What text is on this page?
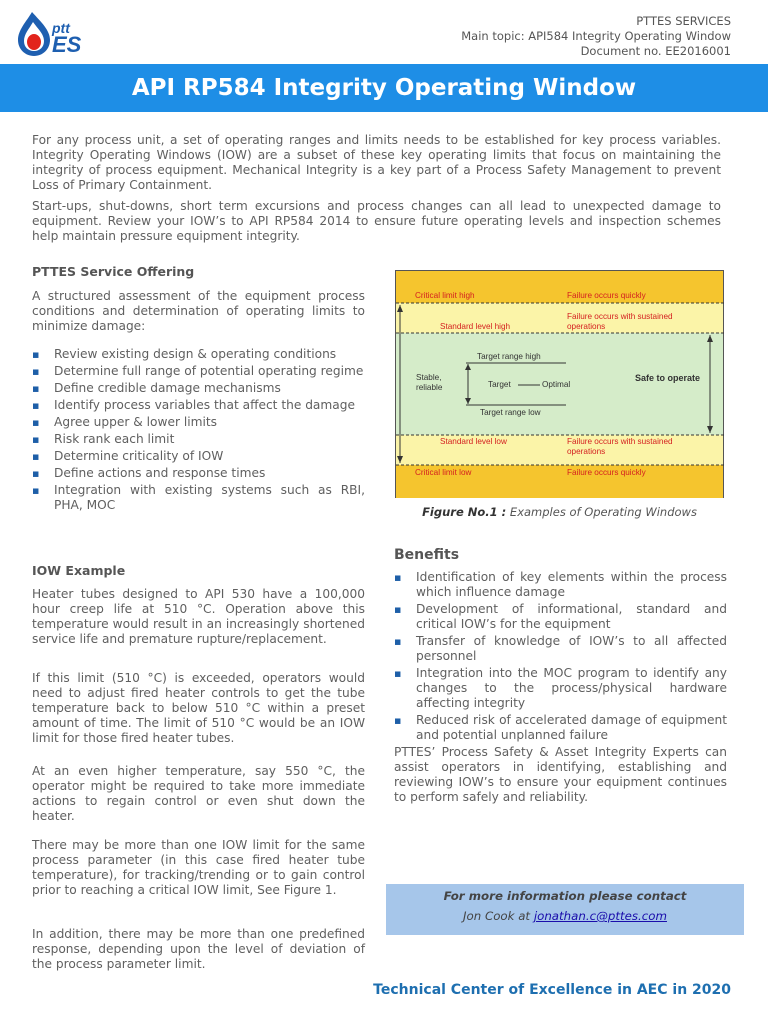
ptt
ES
PTTES SERVICES
Main topic: API584 Integrity Operating Window
Document no. EE2016001
API RP584 Integrity Operating Window

For any process unit, a set of operating ranges and limits needs to be established for key process variables. Integrity Operating Windows (IOW) are a subset of these key operating limits that focus on maintaining the integrity of process equipment. Mechanical Integrity is a key part of a Process Safety Management to prevent Loss of Primary Containment.

Start-ups, shut-downs, short term excursions and process changes can all lead to unexpected damage to equipment. Review your IOW’s to API RP584 2014 to ensure future operating levels and inspection schemes help maintain pressure equipment integrity.

PTTES Service Offering

A structured assessment of the equipment process conditions and determination of operating limits to minimize damage:

▪ Review existing design & operating conditions
▪ Determine full range of potential operating regime
▪ Define credible damage mechanisms
▪ Identify process variables that affect the damage
▪ Agree upper & lower limits
▪ Risk rank each limit
▪ Determine criticality of IOW
▪ Define actions and response times
▪ Integration with existing systems such as RBI, PHA, MOC
IOW Example

Heater tubes designed to API 530 have a 100,000 hour creep life at 510 °C. Operation above this temperature would result in an increasingly shortened service life and premature rupture/replacement.

If this limit (510 °C) is exceeded, operators would need to adjust fired heater controls to get the tube temperature back to below 510 °C within a preset amount of time. The limit of 510 °C would be an IOW limit for those fired heater tubes.

At an even higher temperature, say 550 °C, the operator might be required to take more immediate actions to regain control or even shut down the heater.

There may be more than one IOW limit for the same process parameter (in this case fired heater tube temperature), for tracking/trending or to gain control prior to reaching a critical IOW limit, See Figure 1.

In addition, there may be more than one predefined response, depending upon the level of deviation of the process parameter limit.

Critical limit high	Failure occurs quickly
Standard level high
Failure occurs with sustained operations
Target range high
Stable, reliable	Target	Optimal
Safe to operate
Target range low
Standard level low	Failure occurs with sustained operations
Critical limit low	Failure occurs quickly
Figure No.1 : Examples of Operating Windows
Benefits
▪ Identification of key elements within the process which influence damage
▪ Development of informational, standard and critical IOW’s for the equipment
▪ Transfer of knowledge of IOW’s to all affected personnel
▪ Integration into the MOC program to identify any changes to the process/physical hardware affecting integrity
▪ Reduced risk of accelerated damage of equipment and potential unplanned failure

PTTES’ Process Safety & Asset Integrity Experts can assist operators in identifying, establishing and reviewing IOW’s to ensure your equipment continues to perform safely and reliability.

For more information please contact
Jon Cook at jonathan.c@pttes.com
Technical Center of Excellence in AEC in 2020
